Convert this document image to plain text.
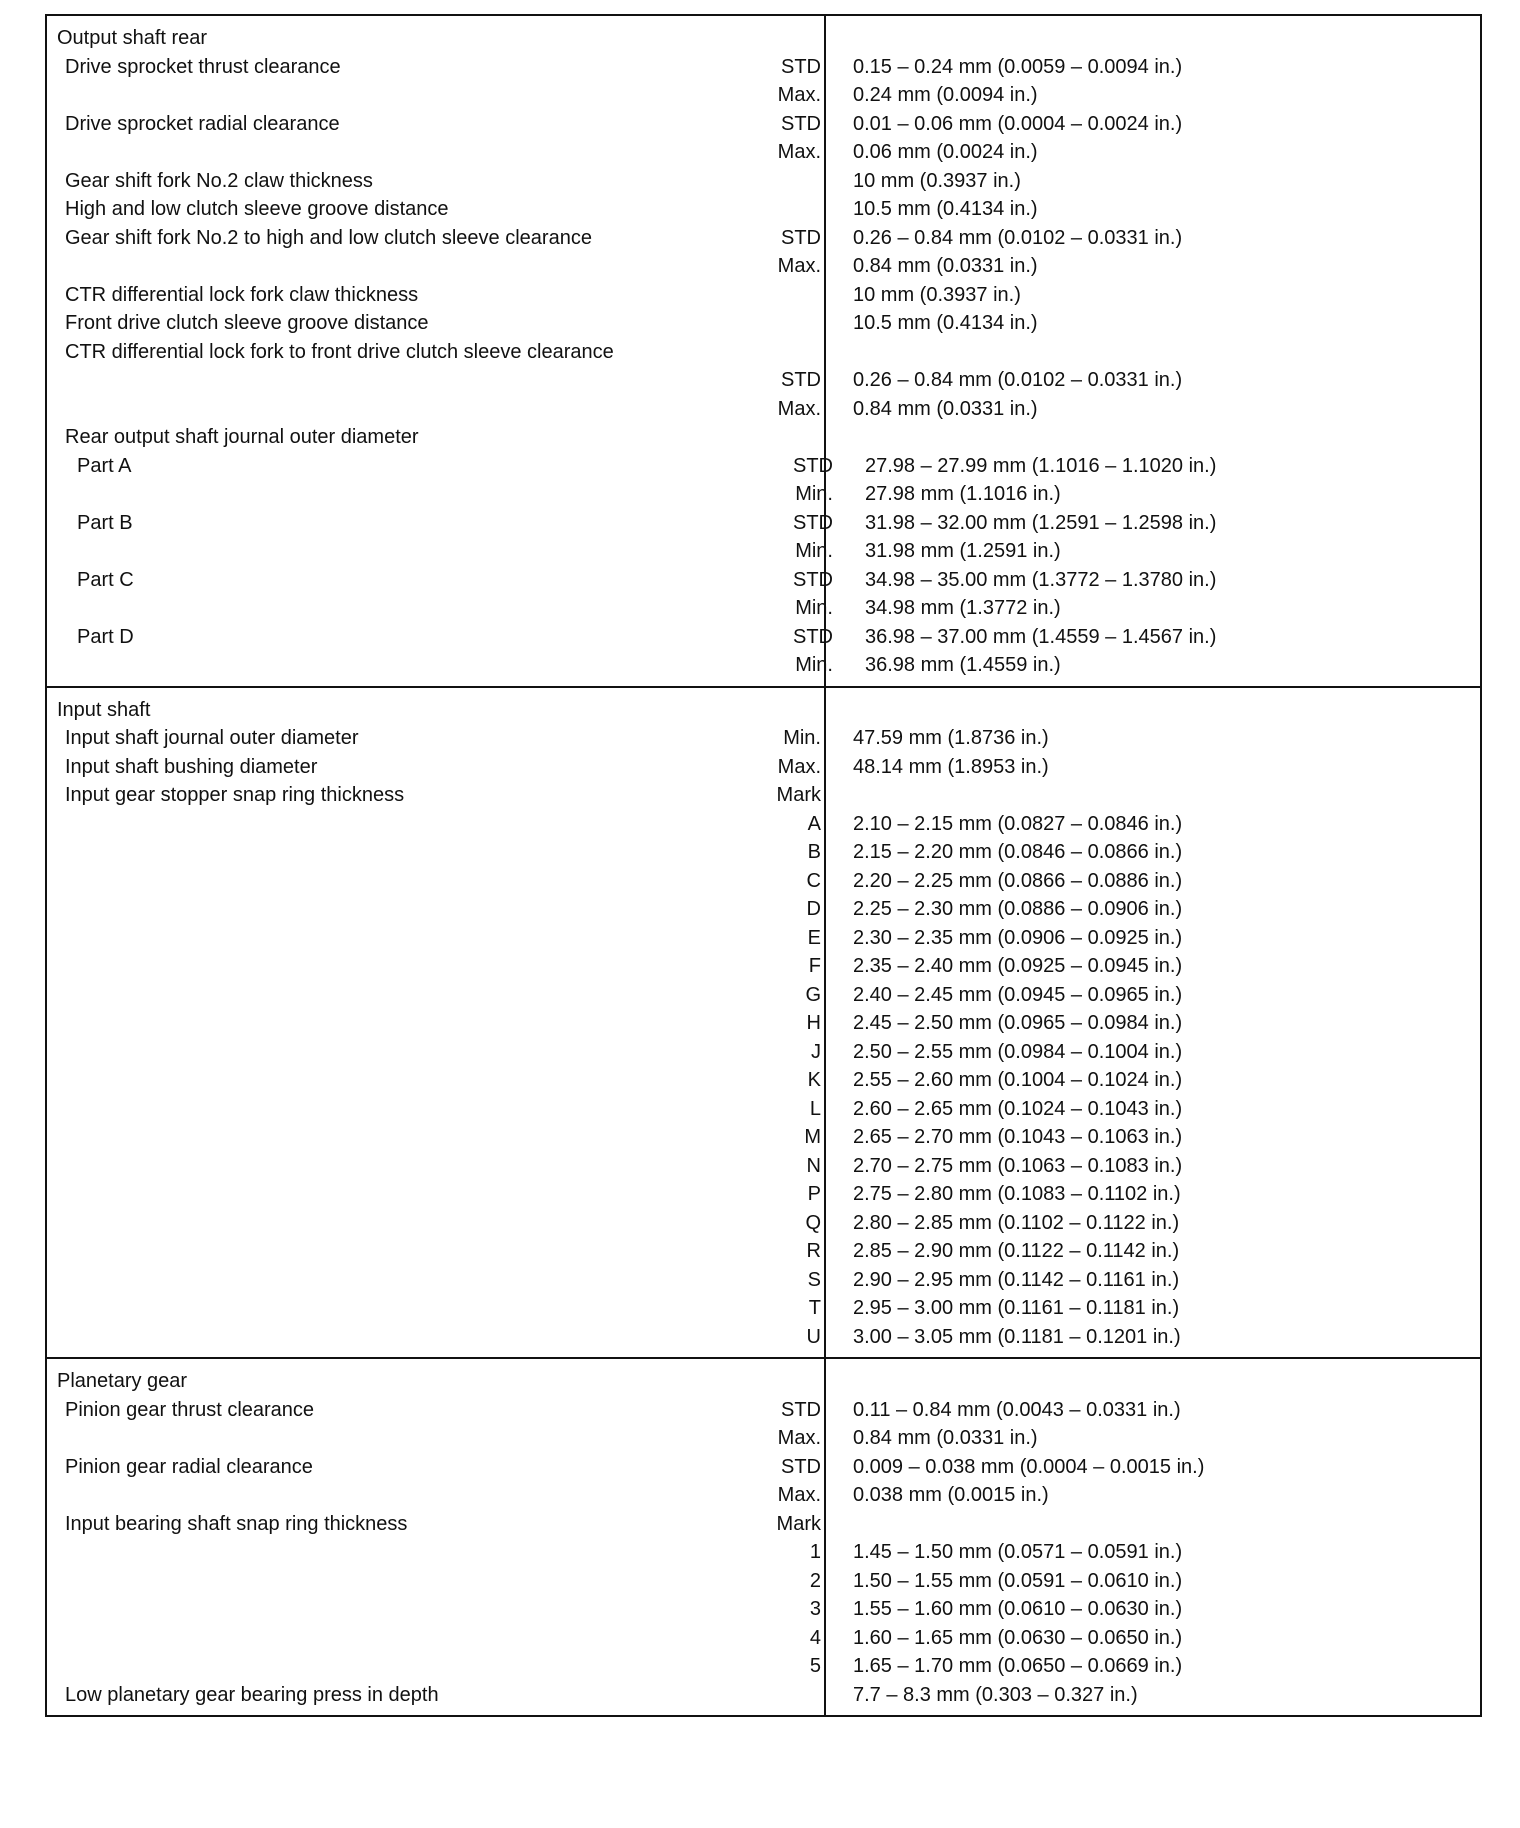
Output shaft rear
Drive sprocket thrust clearance	STD	0.15 – 0.24 mm (0.0059 – 0.0094 in.)
Max.	0.24 mm (0.0094 in.)
Drive sprocket radial clearance	STD	0.01 – 0.06 mm (0.0004 – 0.0024 in.)
Max.	0.06 mm (0.0024 in.)
Gear shift fork No.2 claw thickness	10 mm (0.3937 in.)
High and low clutch sleeve groove distance	10.5 mm (0.4134 in.)
Gear shift fork No.2 to high and low clutch sleeve clearance	STD	0.26 – 0.84 mm (0.0102 – 0.0331 in.)
Max.	0.84 mm (0.0331 in.)
CTR differential lock fork claw thickness	10 mm (0.3937 in.)
Front drive clutch sleeve groove distance	10.5 mm (0.4134 in.)
CTR differential lock fork to front drive clutch sleeve clearance
STD	0.26 – 0.84 mm (0.0102 – 0.0331 in.)
Max.	0.84 mm (0.0331 in.)
Rear output shaft journal outer diameter
Part A	STD	27.98 – 27.99 mm (1.1016 – 1.1020 in.)
Min.	27.98 mm (1.1016 in.)
Part B	STD	31.98 – 32.00 mm (1.2591 – 1.2598 in.)
Min.	31.98 mm (1.2591 in.)
Part C	STD	34.98 – 35.00 mm (1.3772 – 1.3780 in.)
Min.	34.98 mm (1.3772 in.)
Part D	STD	36.98 – 37.00 mm (1.4559 – 1.4567 in.)
Min.	36.98 mm (1.4559 in.)
Input shaft
Input shaft journal outer diameter	Min.	47.59 mm (1.8736 in.)
Input shaft bushing diameter	Max.	48.14 mm (1.8953 in.)
Input gear stopper snap ring thickness	Mark
A	2.10 – 2.15 mm (0.0827 – 0.0846 in.)
B	2.15 – 2.20 mm (0.0846 – 0.0866 in.)
C	2.20 – 2.25 mm (0.0866 – 0.0886 in.)
D	2.25 – 2.30 mm (0.0886 – 0.0906 in.)
E	2.30 – 2.35 mm (0.0906 – 0.0925 in.)
F	2.35 – 2.40 mm (0.0925 – 0.0945 in.)
G	2.40 – 2.45 mm (0.0945 – 0.0965 in.)
H	2.45 – 2.50 mm (0.0965 – 0.0984 in.)
J	2.50 – 2.55 mm (0.0984 – 0.1004 in.)
K	2.55 – 2.60 mm (0.1004 – 0.1024 in.)
L	2.60 – 2.65 mm (0.1024 – 0.1043 in.)
M	2.65 – 2.70 mm (0.1043 – 0.1063 in.)
N	2.70 – 2.75 mm (0.1063 – 0.1083 in.)
P	2.75 – 2.80 mm (0.1083 – 0.1102 in.)
Q	2.80 – 2.85 mm (0.1102 – 0.1122 in.)
R	2.85 – 2.90 mm (0.1122 – 0.1142 in.)
S	2.90 – 2.95 mm (0.1142 – 0.1161 in.)
T	2.95 – 3.00 mm (0.1161 – 0.1181 in.)
U	3.00 – 3.05 mm (0.1181 – 0.1201 in.)
Planetary gear
Pinion gear thrust clearance	STD	0.11 – 0.84 mm (0.0043 – 0.0331 in.)
Max.	0.84 mm (0.0331 in.)
Pinion gear radial clearance	STD	0.009 – 0.038 mm (0.0004 – 0.0015 in.)
Max.	0.038 mm (0.0015 in.)
Input bearing shaft snap ring thickness	Mark
1	1.45 – 1.50 mm (0.0571 – 0.0591 in.)
2	1.50 – 1.55 mm (0.0591 – 0.0610 in.)
3	1.55 – 1.60 mm (0.0610 – 0.0630 in.)
4	1.60 – 1.65 mm (0.0630 – 0.0650 in.)
5	1.65 – 1.70 mm (0.0650 – 0.0669 in.)
Low planetary gear bearing press in depth	7.7 – 8.3 mm (0.303 – 0.327 in.)
